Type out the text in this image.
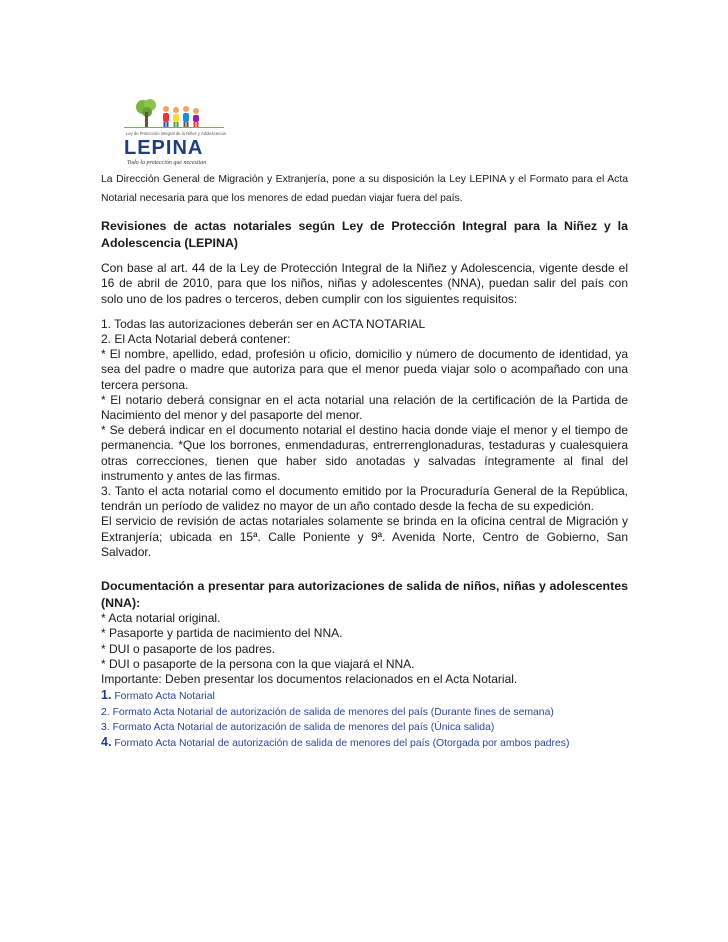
Ley de Protección Integral de la Niñez y Adolescencia
LEPINA
Todo la protección que necesitan

La Dirección General de Migración y Extranjería, pone a su disposición la Ley LEPINA y el Formato para el Acta Notarial necesaria para que los menores de edad puedan viajar fuera del país.

Revisiones de actas notariales según Ley de Protección Integral para la Niñez y la Adolescencia (LEPINA)

Con base al art. 44 de la Ley de Protección Integral de la Niñez y Adolescencia, vigente desde el 16 de abril de 2010, para que los niños, niñas y adolescentes (NNA), puedan salir del país con solo uno de los padres o terceros, deben cumplir con los siguientes requisitos:

1. Todas las autorizaciones deberán ser en ACTA NOTARIAL

2. El Acta Notarial deberá contener:

* El nombre, apellido, edad, profesión u oficio, domicilio y número de documento de identidad, ya sea del padre o madre que autoriza para que el menor pueda viajar solo o acompañado con una tercera persona.

* El notario deberá consignar en el acta notarial una relación de la certificación de la Partida de Nacimiento del menor y del pasaporte del menor.

* Se deberá indicar en el documento notarial el destino hacia donde viaje el menor y el tiempo de permanencia. *Que los borrones, enmendaduras, entrerrenglonaduras, testaduras y cualesquiera otras correcciones, tienen que haber sido anotadas y salvadas íntegramente al final del instrumento y antes de las firmas.

3. Tanto el acta notarial como el documento emitido por la Procuraduría General de la República, tendrán un período de validez no mayor de un año contado desde la fecha de su expedición.

El servicio de revisión de actas notariales solamente se brinda en la oficina central de Migración y Extranjería; ubicada en 15ª. Calle Poniente y 9ª. Avenida Norte, Centro de Gobierno, San Salvador.

Documentación a presentar para autorizaciones de salida de niños, niñas y adolescentes (NNA):

* Acta notarial original.

* Pasaporte y partida de nacimiento del NNA.

* DUI o pasaporte de los padres.

* DUI o pasaporte de la persona con la que viajará el NNA.

Importante: Deben presentar los documentos relacionados en el Acta Notarial.

1. Formato Acta Notarial
2. Formato Acta Notarial de autorización de salida de menores del país (Durante fines de semana)
3. Formato Acta Notarial de autorización de salida de menores del país (Única salida)
4. Formato Acta Notarial de autorización de salida de menores del país (Otorgada por ambos padres)
